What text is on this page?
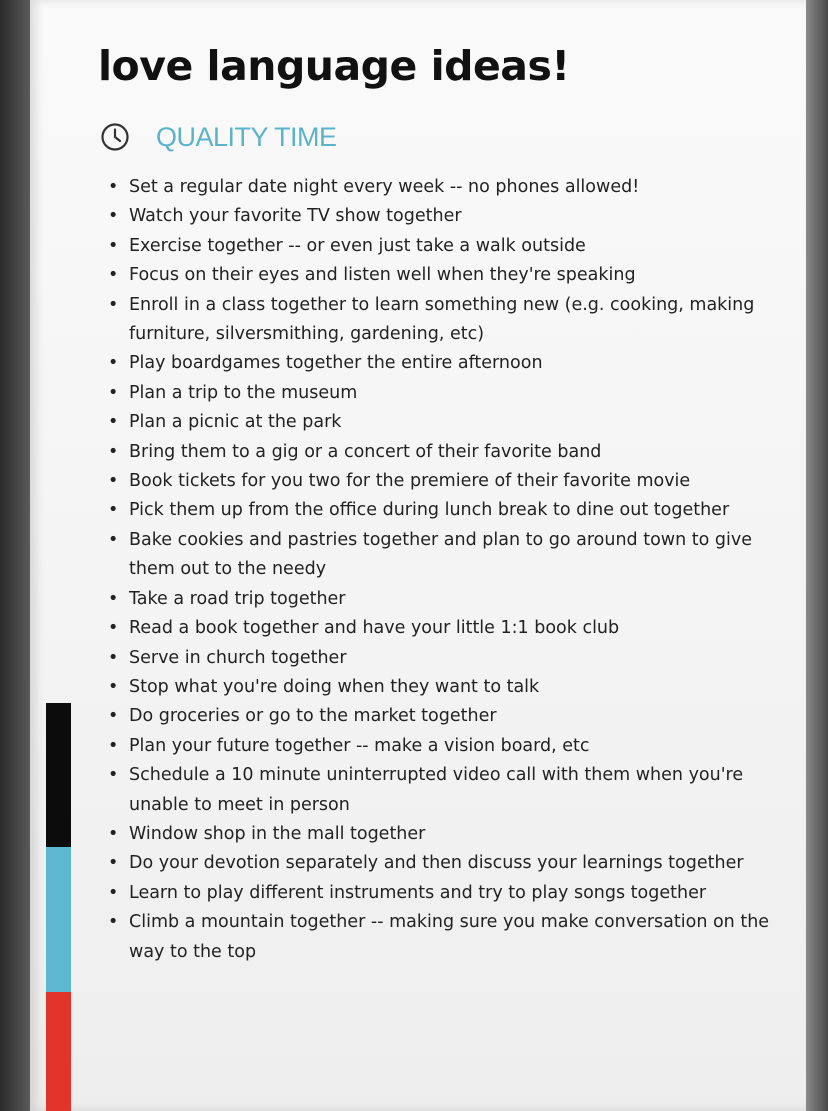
love language ideas!
QUALITY TIME
• Set a regular date night every week -- no phones allowed!
• Watch your favorite TV show together
• Exercise together -- or even just take a walk outside
• Focus on their eyes and listen well when they're speaking
• Enroll in a class together to learn something new (e.g. cooking, making furniture, silversmithing, gardening, etc)
• Play boardgames together the entire afternoon
• Plan a trip to the museum
• Plan a picnic at the park
• Bring them to a gig or a concert of their favorite band
• Book tickets for you two for the premiere of their favorite movie
• Pick them up from the office during lunch break to dine out together
• Bake cookies and pastries together and plan to go around town to give them out to the needy
• Take a road trip together
• Read a book together and have your little 1:1 book club
• Serve in church together
• Stop what you're doing when they want to talk
• Do groceries or go to the market together
• Plan your future together -- make a vision board, etc
• Schedule a 10 minute uninterrupted video call with them when you're unable to meet in person
• Window shop in the mall together
• Do your devotion separately and then discuss your learnings together
• Learn to play different instruments and try to play songs together
• Climb a mountain together -- making sure you make conversation on the way to the top
